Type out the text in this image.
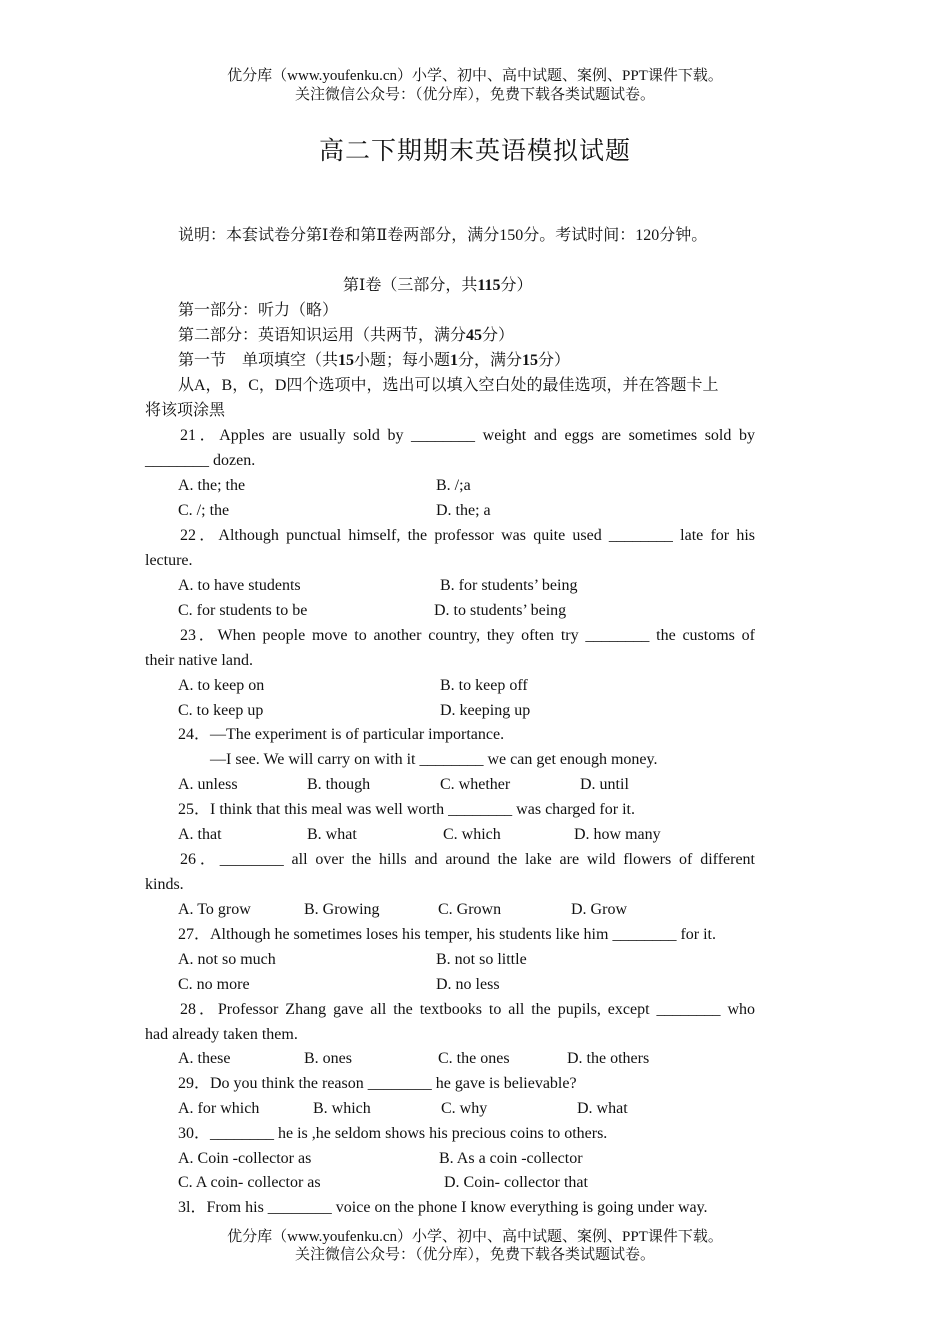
优分库（www.youfenku.cn）小学、初中、高中试题、案例、PPT课件下载。
关注微信公众号：（优分库），免费下载各类试题试卷。
高二下期期末英语模拟试题
说明：本套试卷分第Ⅰ卷和第Ⅱ卷两部分，满分150分。考试时间：120分钟。
第Ⅰ卷（三部分，共115分）
第一部分：听力（略）
第二部分：英语知识运用（共两节，满分45分）
第一节　单项填空（共15小题；每小题1分，满分15分）
从A，B，C，D四个选项中，选出可以填入空白处的最佳选项，并在答题卡上
将该项涂黑
21．Apples are usually sold by ________ weight and eggs are sometimes sold by
________ dozen.
A. the; the	B. /;a
C. /; the	D. the; a
22．Although punctual himself, the professor was quite used ________ late for his
lecture.
A. to have students	B. for students’ being
C. for students to be	D. to students’ being
23．When people move to another country, they often try ________ the customs of
their native land.
A. to keep on	B. to keep off
C. to keep up	D. keeping up
24．—The experiment is of particular importance.
—I see. We will carry on with it ________ we can get enough money.
A. unless	B. though	C. whether	D. until
25．I think that this meal was well worth ________ was charged for it.
A. that	B. what	C. which	D. how many
26．________ all over the hills and around the lake are wild flowers of different
kinds.
A. To grow	B. Growing	C. Grown	D. Grow
27．Although he sometimes loses his temper, his students like him ________ for it.
A. not so much	B. not so little
C. no more	D. no less
28．Professor Zhang gave all the textbooks to all the pupils, except ________ who
had already taken them.
A. these	B. ones	C. the ones	D. the others
29．Do you think the reason ________ he gave is believable?
A. for which	B. which	C. why	D. what
30．________ he is ,he seldom shows his precious coins to others.
A. Coin -collector as	B. As a coin -collector
C. A coin- collector as	D. Coin- collector that
3l．From his ________ voice on the phone I know everything is going under way.
优分库（www.youfenku.cn）小学、初中、高中试题、案例、PPT课件下载。
关注微信公众号：（优分库），免费下载各类试题试卷。
